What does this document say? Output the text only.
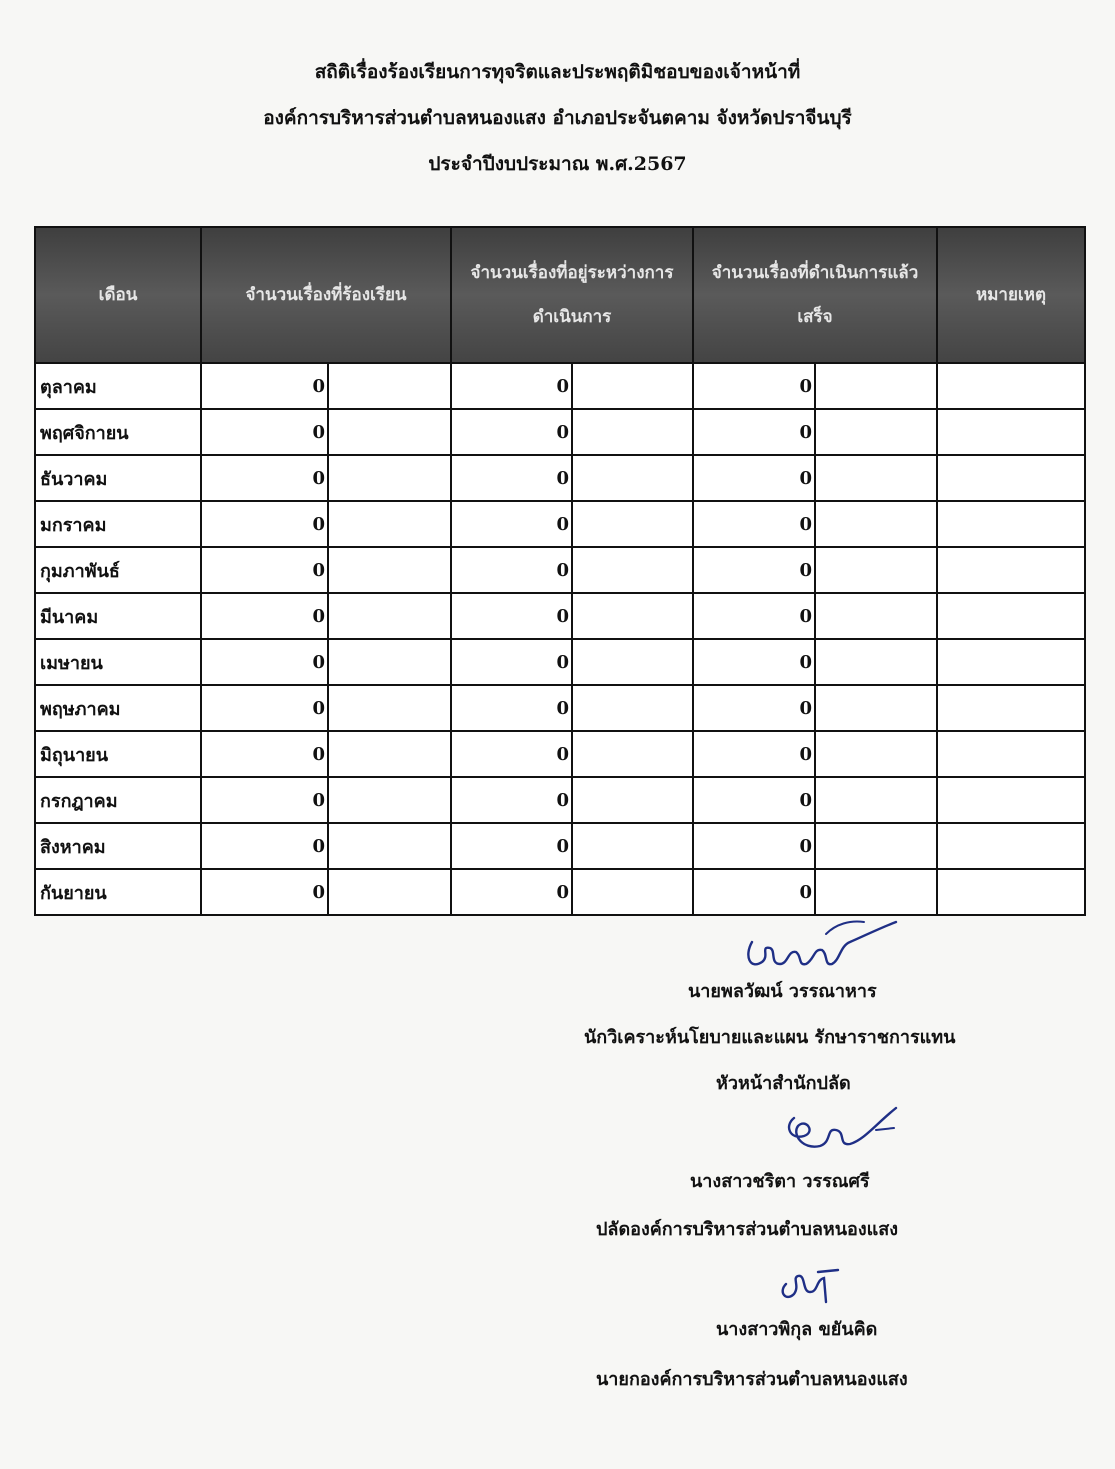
สถิติเรื่องร้องเรียนการทุจริตและประพฤติมิชอบของเจ้าหน้าที่
องค์การบริหารส่วนตำบลหนองแสง อำเภอประจันตคาม จังหวัดปราจีนบุรี
ประจำปีงบประมาณ พ.ศ.2567
เดือน	จำนวนเรื่องที่ร้องเรียน		จำนวนเรื่องที่อยู่ระหว่างการดำเนินการ		จำนวนเรื่องที่ดำเนินการแล้วเสร็จ		หมายเหตุ
ตุลาคม	0		0		0		
พฤศจิกายน	0		0		0		
ธันวาคม	0		0		0		
มกราคม	0		0		0		
กุมภาพันธ์	0		0		0		
มีนาคม	0		0		0		
เมษายน	0		0		0		
พฤษภาคม	0		0		0		
มิถุนายน	0		0		0		
กรกฎาคม	0		0		0		
สิงหาคม	0		0		0		
กันยายน	0		0		0		
นายพลวัฒน์ วรรณาหาร
นักวิเคราะห์นโยบายและแผน รักษาราชการแทน
หัวหน้าสำนักปลัด
นางสาวชริตา วรรณศรี
ปลัดองค์การบริหารส่วนตำบลหนองแสง
นางสาวพิกุล ขยันคิด
นายกองค์การบริหารส่วนตำบลหนองแสง
